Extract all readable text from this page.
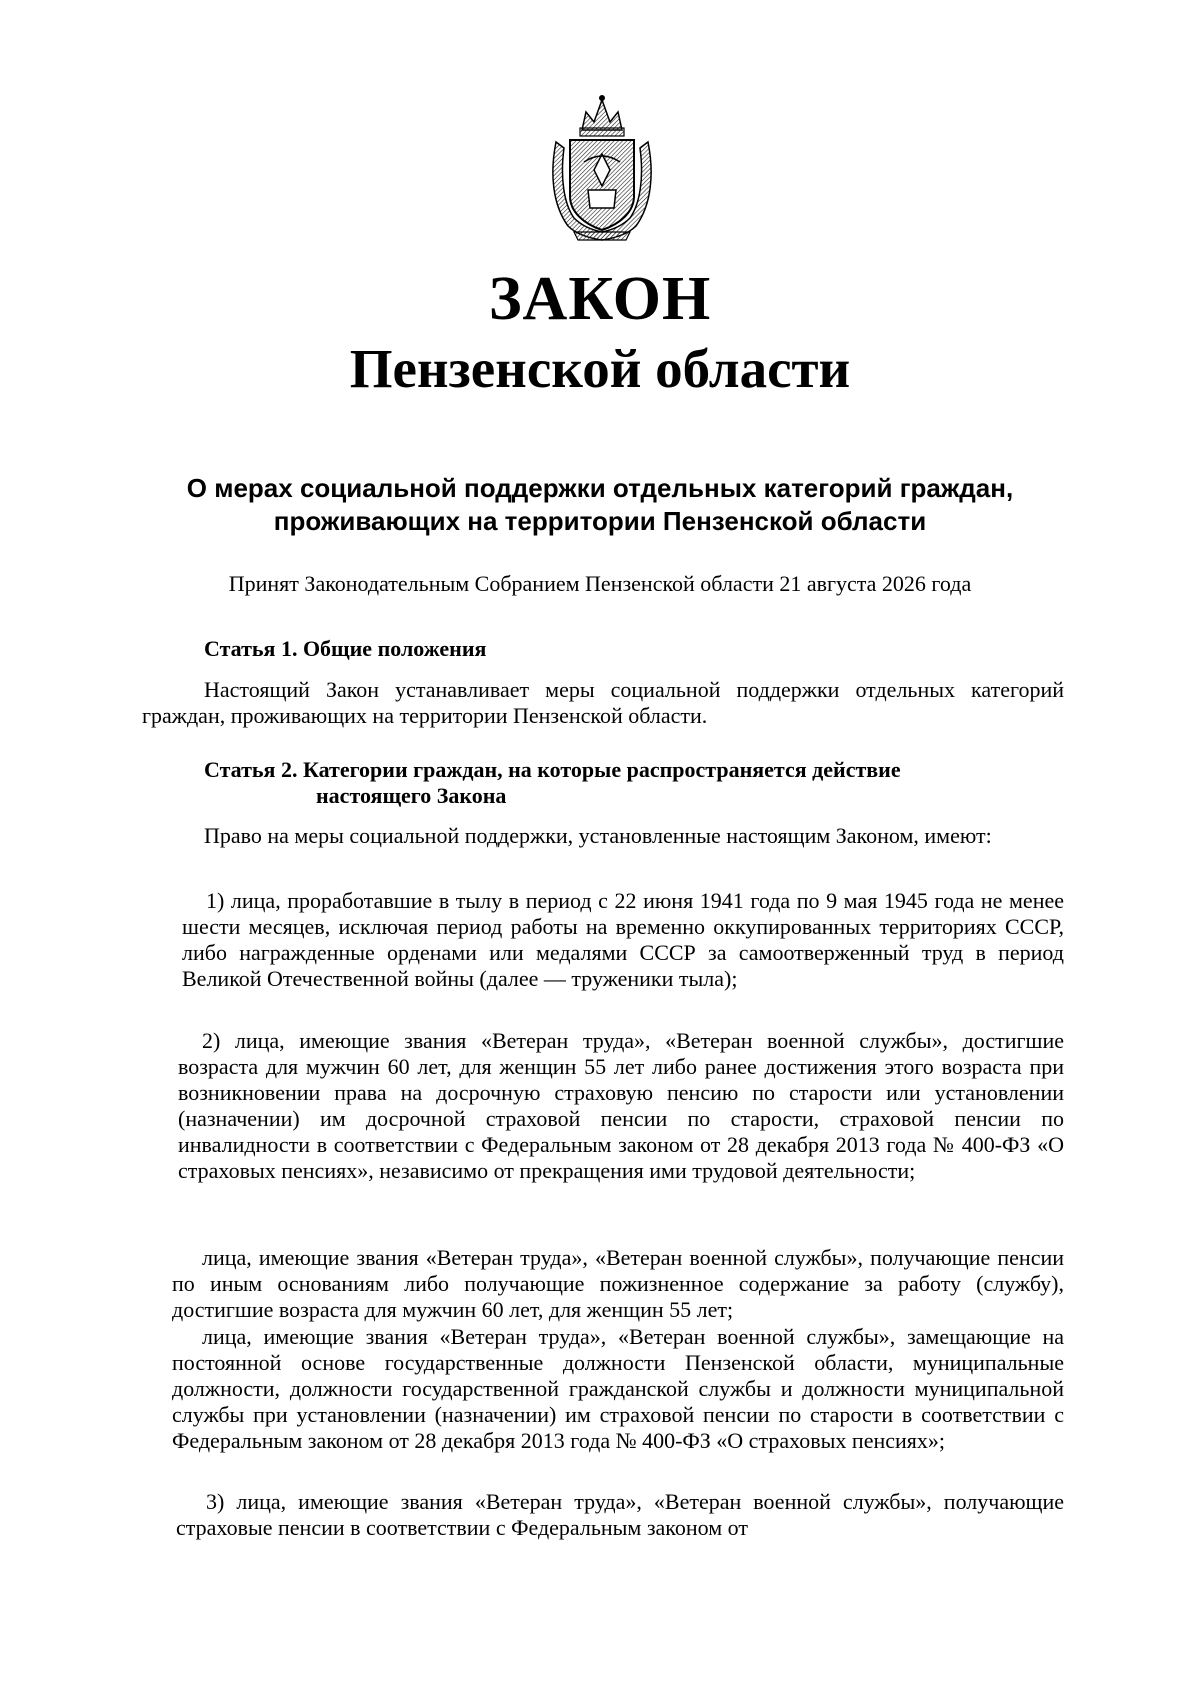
ЗАКОН
Пензенской области

О мерах социальной поддержки отдельных категорий граждан, проживающих на территории Пензенской области

Принят Законодательным Собранием Пензенской области 21 августа 2026 года

Статья 1. Общие положения

Настоящий Закон устанавливает меры социальной поддержки отдельных категорий граждан, проживающих на территории Пензенской области.

Статья 2. Категории граждан, на которые распространяется действие

настоящего Закона

Право на меры социальной поддержки, установленные настоящим Законом, имеют:

1) лица, проработавшие в тылу в период с 22 июня 1941 года по 9 мая 1945 года не менее шести месяцев, исключая период работы на временно оккупированных территориях СССР, либо награжденные орденами или медалями СССР за самоотверженный труд в период Великой Отечественной войны (далее — труженики тыла);

2) лица, имеющие звания «Ветеран труда», «Ветеран военной службы», достигшие возраста для мужчин 60 лет, для женщин 55 лет либо ранее достижения этого возраста при возникновении права на досрочную страховую пенсию по старости или установлении (назначении) им досрочной страховой пенсии по старости, страховой пенсии по инвалидности в соответствии с Федеральным законом от 28 декабря 2013 года № 400-ФЗ «О страховых пенсиях», независимо от прекращения ими трудовой деятельности;

лица, имеющие звания «Ветеран труда», «Ветеран военной службы», получающие пенсии по иным основаниям либо получающие пожизненное содержание за работу (службу), достигшие возраста для мужчин 60 лет, для женщин 55 лет;

лица, имеющие звания «Ветеран труда», «Ветеран военной службы», замещающие на постоянной основе государственные должности Пензенской области, муниципальные должности, должности государственной гражданской службы и должности муниципальной службы при установлении (назначении) им страховой пенсии по старости в соответствии с Федеральным законом от 28 декабря 2013 года № 400-ФЗ «О страховых пенсиях»;

3) лица, имеющие звания «Ветеран труда», «Ветеран военной службы», получающие страховые пенсии в соответствии с Федеральным законом от
